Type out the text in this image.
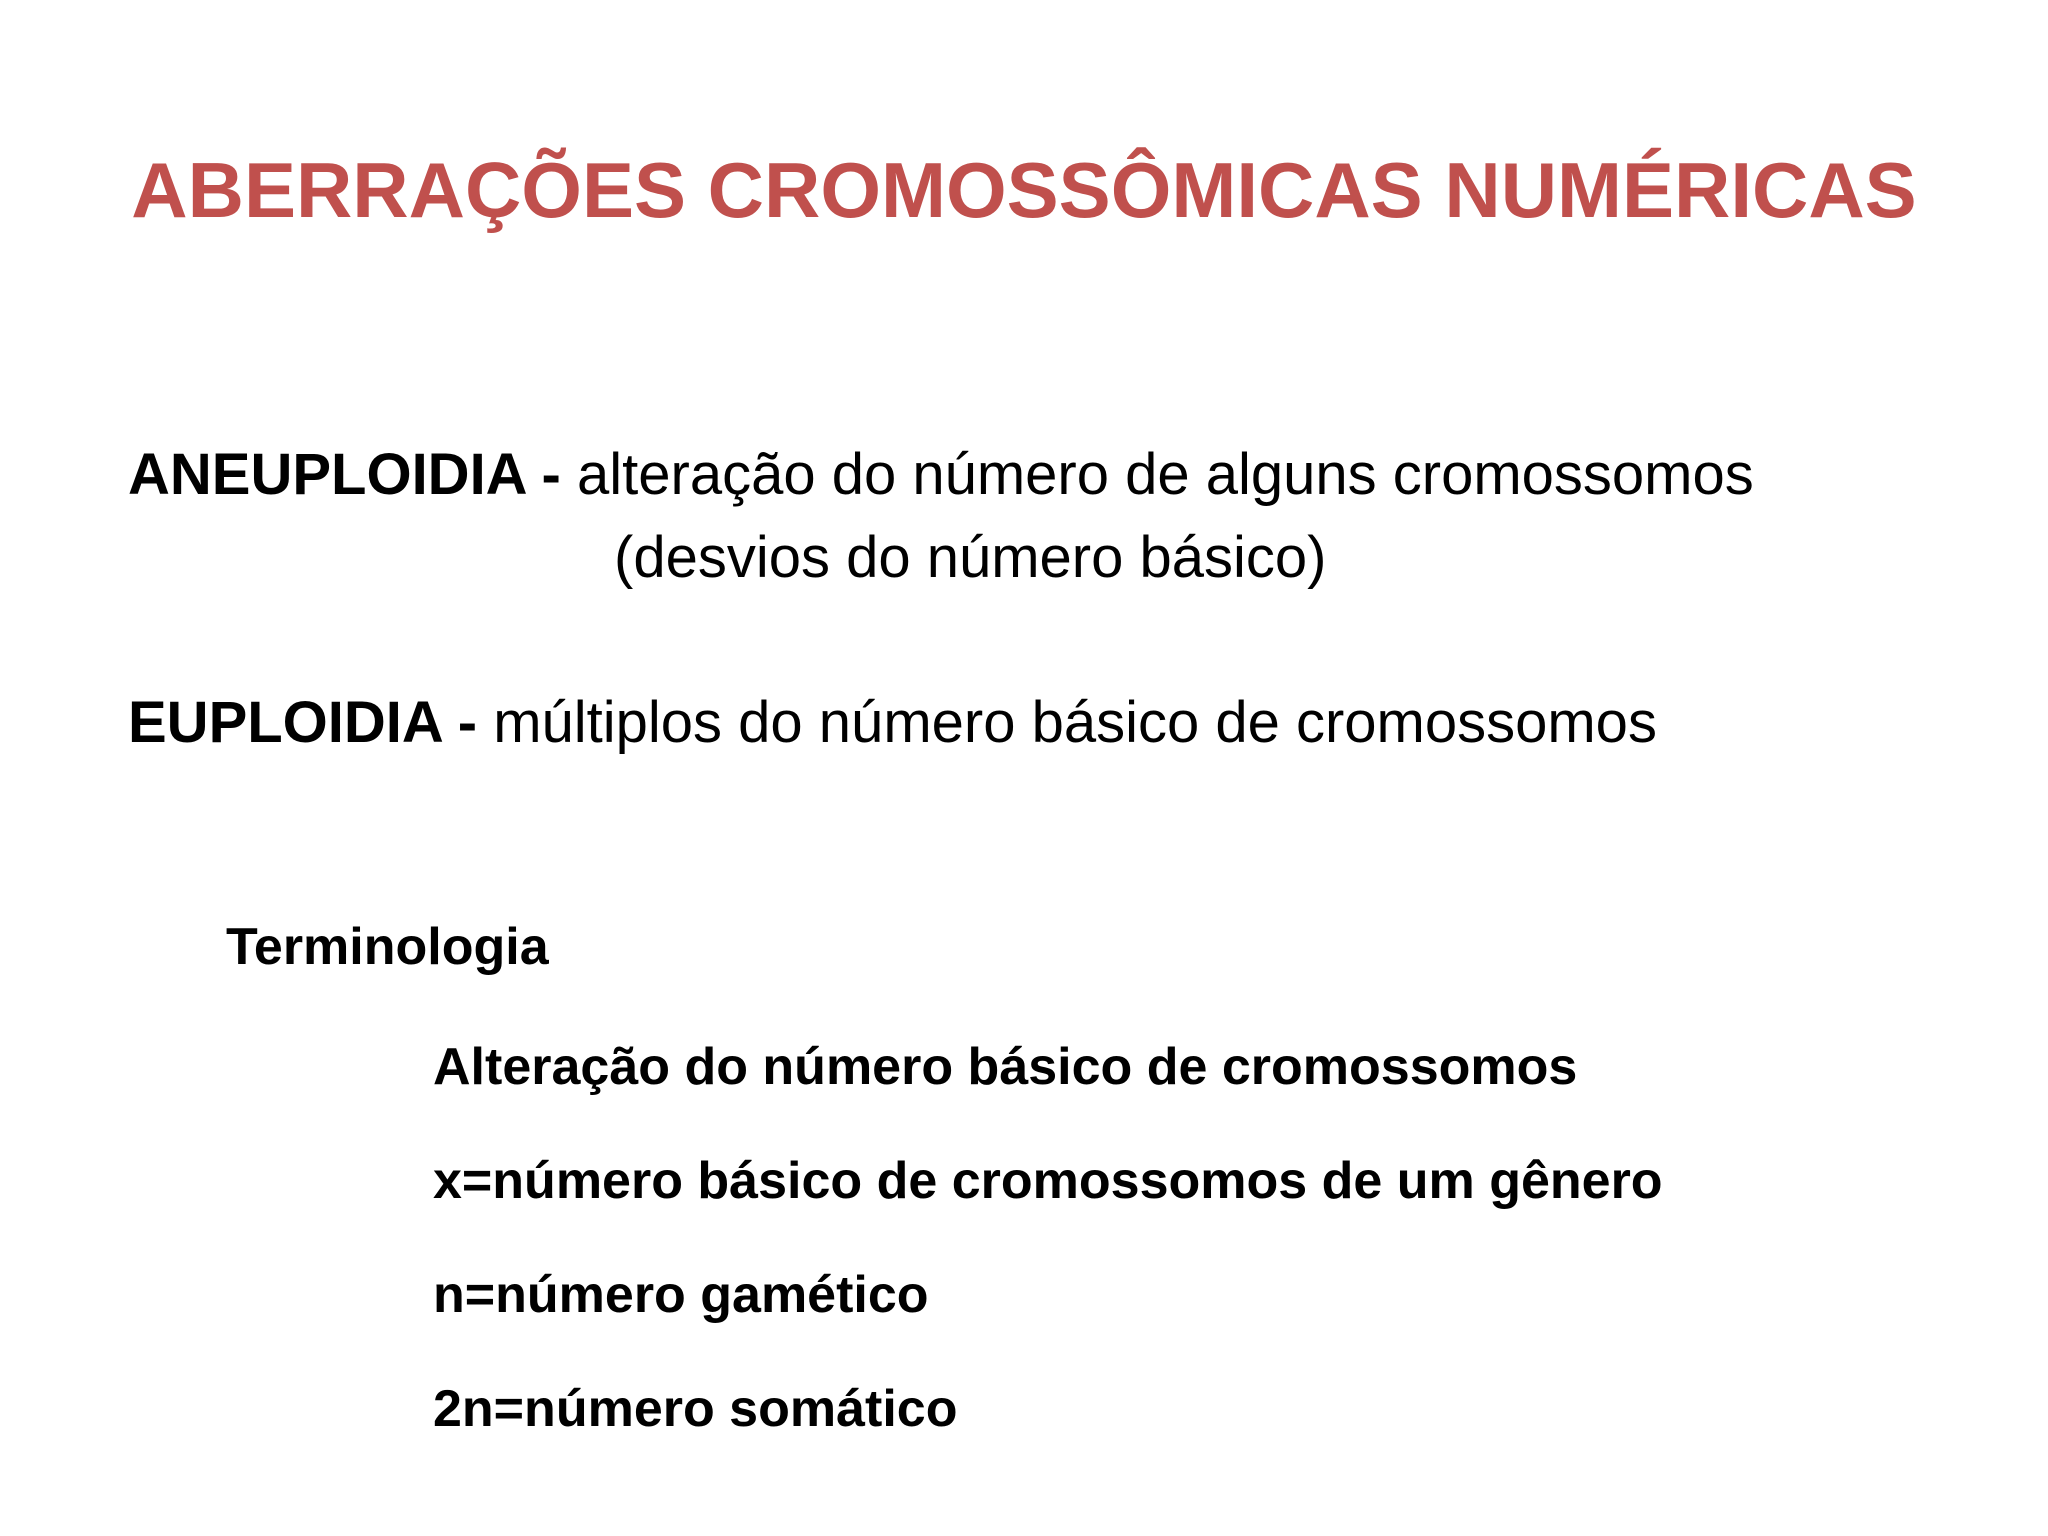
ABERRAÇÕES CROMOSSÔMICAS NUMÉRICAS
ANEUPLOIDIA - alteração do número de alguns cromossomos
(desvios do número básico)
EUPLOIDIA - múltiplos do número básico de cromossomos
Terminologia
Alteração do número básico de cromossomos
x=número básico de cromossomos de um gênero
n=número gamético
2n=número somático
